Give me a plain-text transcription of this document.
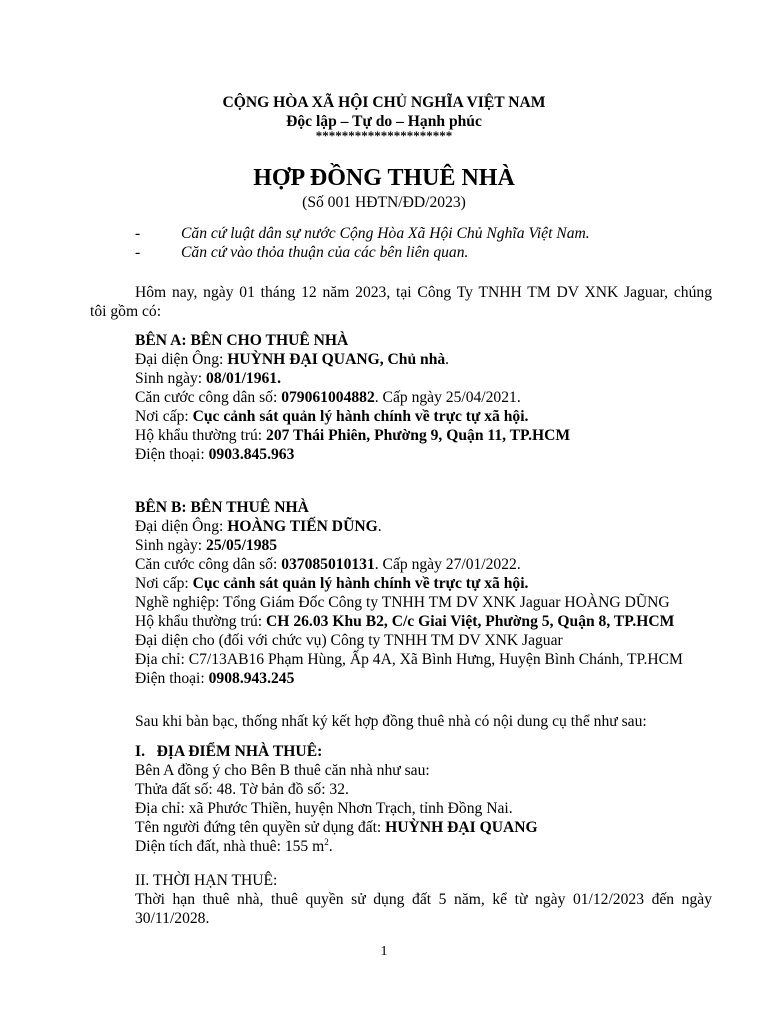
CỘNG HÒA XÃ HỘI CHỦ NGHĨA VIỆT NAM
Độc lập – Tự do – Hạnh phúc
*********************
HỢP ĐỒNG THUÊ NHÀ
(Số 001 HĐTN/ĐD/2023)
-	Căn cứ luật dân sự nước Cộng Hòa Xã Hội Chủ Nghĩa Việt Nam.
-	Căn cứ vào thỏa thuận của các bên liên quan.
Hôm nay, ngày 01 tháng 12 năm 2023, tại Công Ty TNHH TM DV XNK Jaguar, chúng
tôi gồm có:
BÊN A: BÊN CHO THUÊ NHÀ
Đại diện Ông: HUỲNH ĐẠI QUANG, Chủ nhà.
Sinh ngày: 08/01/1961.
Căn cước công dân số: 079061004882. Cấp ngày 25/04/2021.
Nơi cấp: Cục cảnh sát quản lý hành chính về trực tự xã hội.
Hộ khẩu thường trú: 207 Thái Phiên, Phường 9, Quận 11, TP.HCM
Điện thoại: 0903.845.963
BÊN B: BÊN THUÊ NHÀ
Đại diện Ông: HOÀNG TIẾN DŨNG.
Sinh ngày: 25/05/1985
Căn cước công dân số: 037085010131. Cấp ngày 27/01/2022.
Nơi cấp: Cục cảnh sát quản lý hành chính về trực tự xã hội.
Nghề nghiệp: Tổng Giám Đốc Công ty TNHH TM DV XNK Jaguar HOÀNG DŨNG
Hộ khẩu thường trú: CH 26.03 Khu B2, C/c Giai Việt, Phường 5, Quận 8, TP.HCM
Đại diện cho (đối với chức vụ) Công ty TNHH TM DV XNK Jaguar
Địa chỉ: C7/13AB16 Phạm Hùng, Ấp 4A, Xã Bình Hưng, Huyện Bình Chánh, TP.HCM
Điện thoại: 0908.943.245
Sau khi bàn bạc, thống nhất ký kết hợp đồng thuê nhà có nội dung cụ thể như sau:
I.   ĐỊA ĐIỂM NHÀ THUÊ:
Bên A đồng ý cho Bên B thuê căn nhà như sau:
Thửa đất số: 48. Tờ bản đồ số: 32.
Địa chỉ: xã Phước Thiền, huyện Nhơn Trạch, tỉnh Đồng Nai.
Tên người đứng tên quyền sử dụng đất: HUỲNH ĐẠI QUANG
Diện tích đất, nhà thuê: 155 $m^2$.
II. THỜI HẠN THUÊ:
Thời hạn thuê nhà, thuê quyền sử dụng đất 5 năm, kể từ ngày 01/12/2023 đến ngày
30/11/2028.
1
